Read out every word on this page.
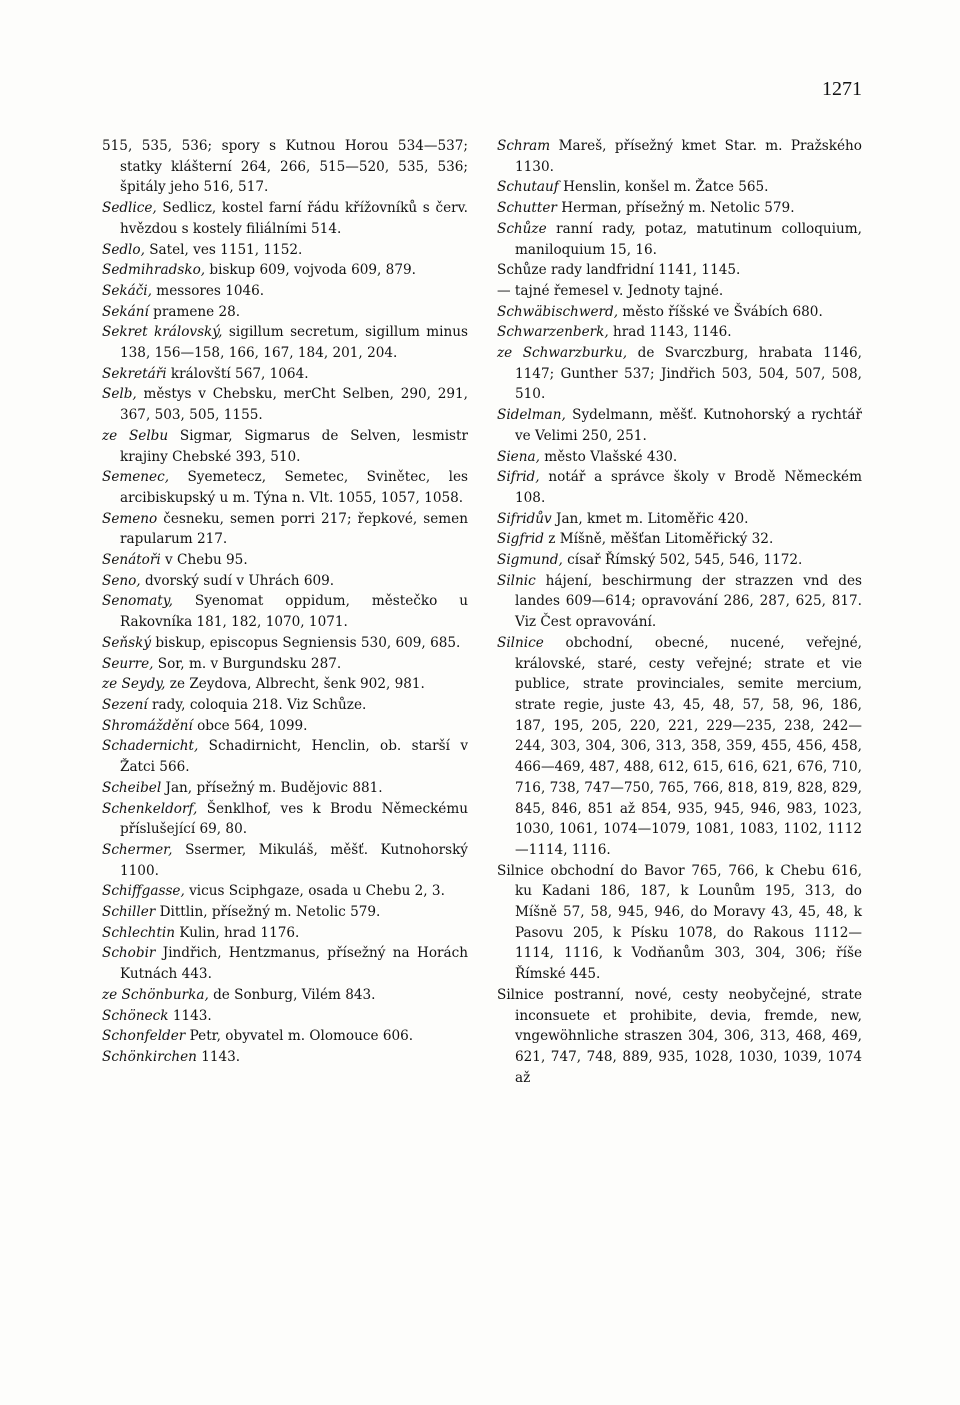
1271
515, 535, 536; spory s Kutnou Horou 534—537; statky klášterní 264, 266, 515—520, 535, 536; špitály jeho 516, 517.
Sedlice, Sedlicz, kostel farní řádu křížovníků s červ. hvězdou s kostely filiálními 514.
Sedlo, Satel, ves 1151, 1152.
Sedmihradsko, biskup 609, vojvoda 609, 879.
Sekáči, messores 1046.
Sekání pramene 28.
Sekret královský, sigillum secretum, sigillum minus 138, 156—158, 166, 167, 184, 201, 204.
Sekretáři královští 567, 1064.
Selb, městys v Chebsku, merCht Selben, 290, 291, 367, 503, 505, 1155.
ze Selbu Sigmar, Sigmarus de Selven, lesmistr krajiny Chebské 393, 510.
Semenec, Syemetecz, Semetec, Svinětec, les arcibiskupský u m. Týna n. Vlt. 1055, 1057, 1058.
Semeno česneku, semen porri 217; řepkové, semen rapularum 217.
Senátoři v Chebu 95.
Seno, dvorský sudí v Uhrách 609.
Senomaty, Syenomat oppidum, městečko u Rakovníka 181, 182, 1070, 1071.
Seňský biskup, episcopus Segniensis 530, 609, 685.
Seurre, Sor, m. v Burgundsku 287.
ze Seydy, ze Zeydova, Albrecht, šenk 902, 981.
Sezení rady, coloquia 218. Viz Schůze.
Shromáždění obce 564, 1099.
Schadernicht, Schadirnicht, Henclin, ob. starší v Žatci 566.
Scheibel Jan, přísežný m. Budějovic 881.
Schenkeldorf, Šenklhof, ves k Brodu Německému příslušející 69, 80.
Schermer, Ssermer, Mikuláš, měšť. Kutnohorský 1100.
Schiffgasse, vicus Sciphgaze, osada u Chebu 2, 3.
Schiller Dittlin, přísežný m. Netolic 579.
Schlechtin Kulin, hrad 1176.
Schobir Jindřich, Hentzmanus, přísežný na Horách Kutnách 443.
ze Schönburka, de Sonburg, Vilém 843.
Schöneck 1143.
Schonfelder Petr, obyvatel m. Olomouce 606.
Schönkirchen 1143.
Schram Mareš, přísežný kmet Star. m. Pražského 1130.
Schutauf Henslin, konšel m. Žatce 565.
Schutter Herman, přísežný m. Netolic 579.
Schůze ranní rady, potaz, matutinum colloquium, maniloquium 15, 16.
Schůze rady landfridní 1141, 1145.
— tajné řemesel v. Jednoty tajné.
Schwäbischwerd, město říšské ve Švábích 680.
Schwarzenberk, hrad 1143, 1146.
ze Schwarzburku, de Svarczburg, hrabata 1146, 1147; Gunther 537; Jindřich 503, 504, 507, 508, 510.
Sidelman, Sydelmann, měšť. Kutnohorský a rychtář ve Velimi 250, 251.
Siena, město Vlašské 430.
Sifrid, notář a správce školy v Brodě Německém 108.
Sifridův Jan, kmet m. Litoměřic 420.
Sigfrid z Míšně, měšťan Litoměřický 32.
Sigmund, císař Římský 502, 545, 546, 1172.
Silnic hájení, beschirmung der strazzen vnd des landes 609—614; opravování 286, 287, 625, 817. Viz Čest opravování.
Silnice obchodní, obecné, nucené, veřejné, královské, staré, cesty veřejné; strate et vie publice, strate provinciales, semite mercium, strate regie, juste 43, 45, 48, 57, 58, 96, 186, 187, 195, 205, 220, 221, 229—235, 238, 242—244, 303, 304, 306, 313, 358, 359, 455, 456, 458, 466—469, 487, 488, 612, 615, 616, 621, 676, 710, 716, 738, 747—750, 765, 766, 818, 819, 828, 829, 845, 846, 851 až 854, 935, 945, 946, 983, 1023, 1030, 1061, 1074—1079, 1081, 1083, 1102, 1112—1114, 1116.
Silnice obchodní do Bavor 765, 766, k Chebu 616, ku Kadani 186, 187, k Lounům 195, 313, do Míšně 57, 58, 945, 946, do Moravy 43, 45, 48, k Pasovu 205, k Písku 1078, do Rakous 1112—1114, 1116, k Vodňanům 303, 304, 306; říše Římské 445.
Silnice postranní, nové, cesty neobyčejné, strate inconsuete et prohibite, devia, fremde, new, vngewöhnliche straszen 304, 306, 313, 468, 469, 621, 747, 748, 889, 935, 1028, 1030, 1039, 1074 až
